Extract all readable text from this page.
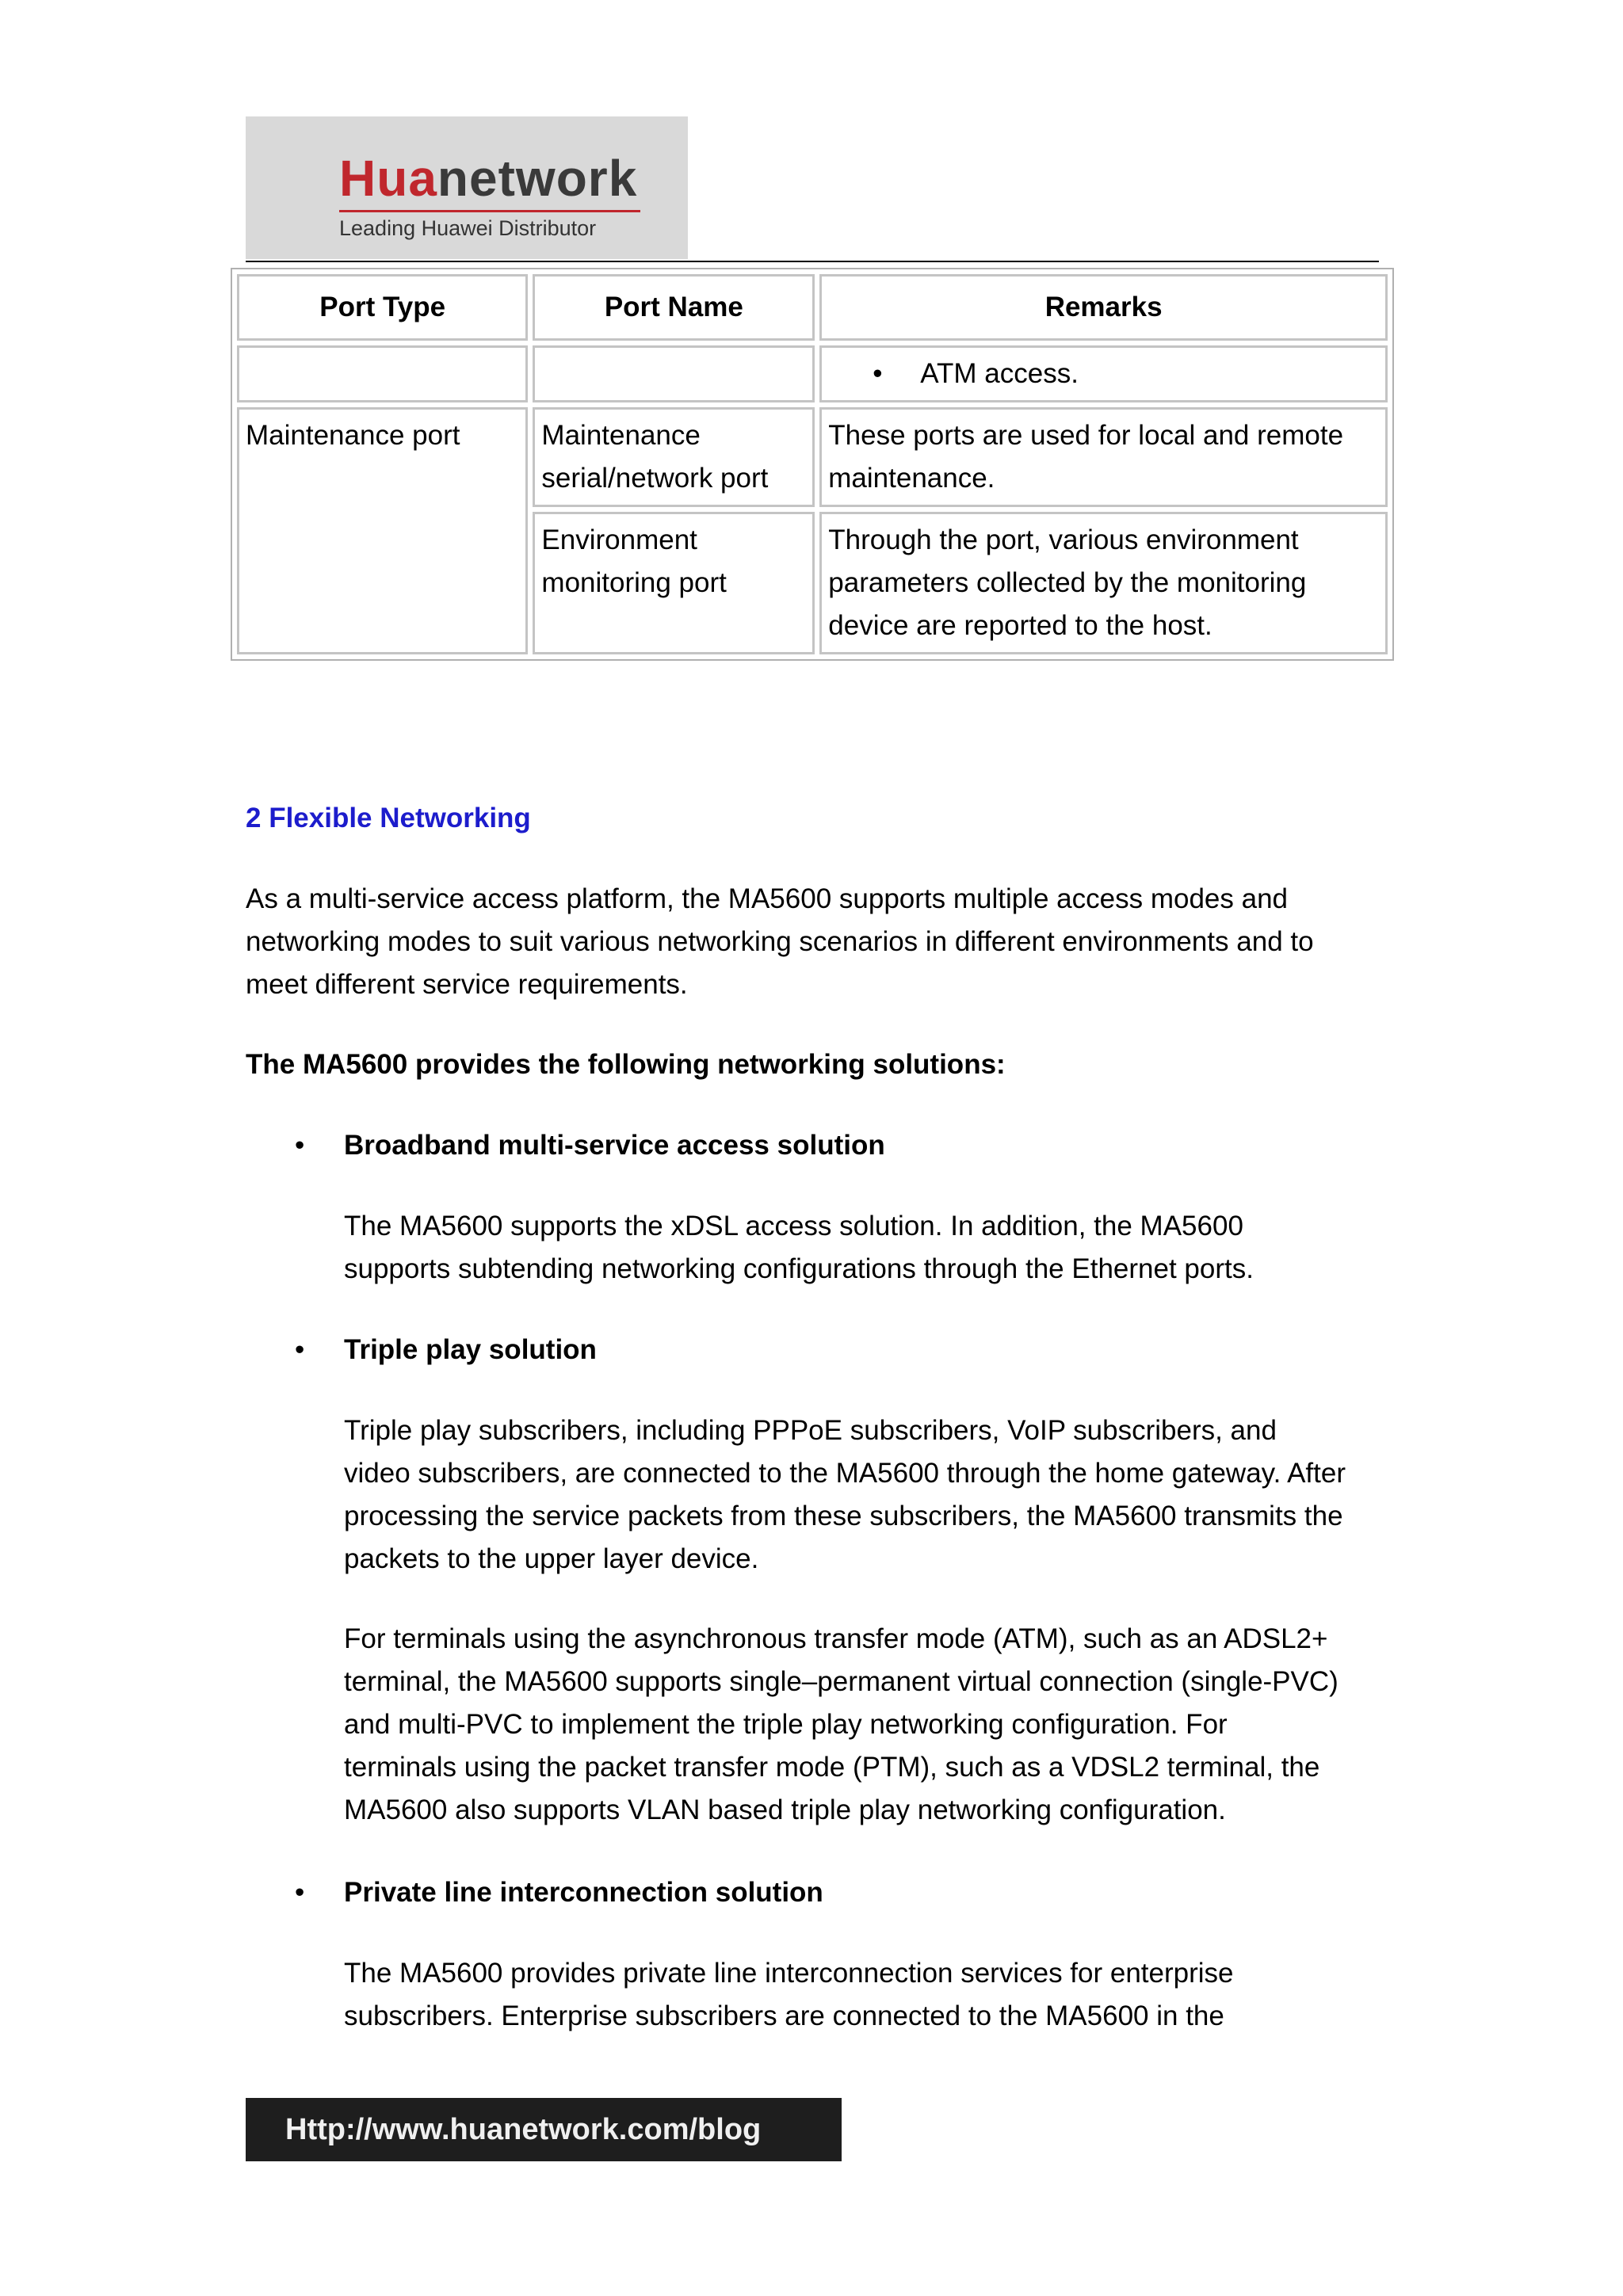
Huanetwork
Leading Huawei Distributor
Port Type	Port Name	Remarks
		• ATM access.
Maintenance port	Maintenance serial/network port	These ports are used for local and remote maintenance.
	Environment monitoring port	Through the port, various environment parameters collected by the monitoring device are reported to the host.
2 Flexible Networking
As a multi-service access platform, the MA5600 supports multiple access modes and
networking modes to suit various networking scenarios in different environments and to
meet different service requirements.
The MA5600 provides the following networking solutions:
• Broadband multi-service access solution
The MA5600 supports the xDSL access solution. In addition, the MA5600
supports subtending networking configurations through the Ethernet ports.
• Triple play solution
Triple play subscribers, including PPPoE subscribers, VoIP subscribers, and
video subscribers, are connected to the MA5600 through the home gateway. After
processing the service packets from these subscribers, the MA5600 transmits the
packets to the upper layer device.
For terminals using the asynchronous transfer mode (ATM), such as an ADSL2+
terminal, the MA5600 supports single–permanent virtual connection (single-PVC)
and multi-PVC to implement the triple play networking configuration. For
terminals using the packet transfer mode (PTM), such as a VDSL2 terminal, the
MA5600 also supports VLAN based triple play networking configuration.
• Private line interconnection solution
The MA5600 provides private line interconnection services for enterprise
subscribers. Enterprise subscribers are connected to the MA5600 in the
Http://www.huanetwork.com/blog
